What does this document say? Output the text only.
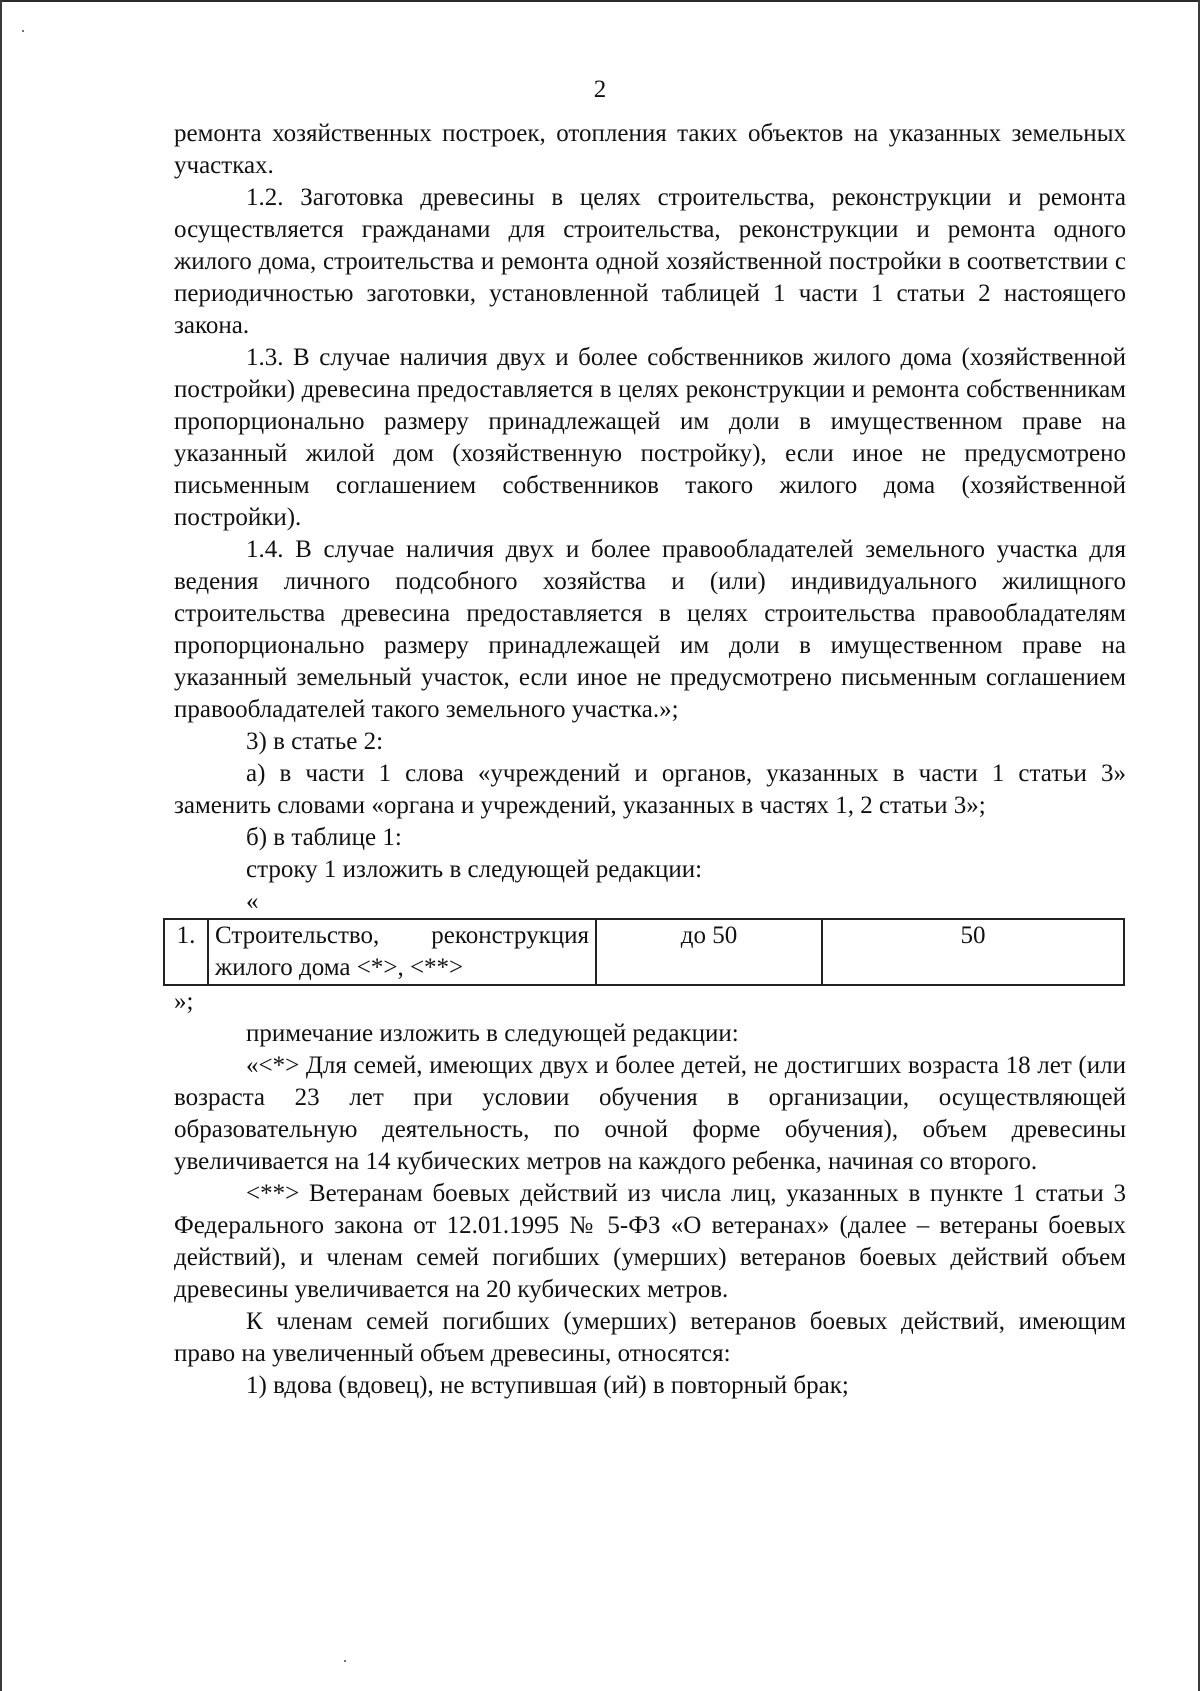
2

ремонта хозяйственных построек, отопления таких объектов на указанных земельных участках.

1.2. Заготовка древесины в целях строительства, реконструкции и ремонта осуществляется гражданами для строительства, реконструкции и ремонта одного жилого дома, строительства и ремонта одной хозяйственной постройки в соответствии с периодичностью заготовки, установленной таблицей 1 части 1 статьи 2 настоящего закона.

1.3. В случае наличия двух и более собственников жилого дома (хозяйственной постройки) древесина предоставляется в целях реконструкции и ремонта собственникам пропорционально размеру принадлежащей им доли в имущественном праве на указанный жилой дом (хозяйственную постройку), если иное не предусмотрено письменным соглашением собственников такого жилого дома (хозяйственной постройки).

1.4. В случае наличия двух и более правообладателей земельного участка для ведения личного подсобного хозяйства и (или) индивидуального жилищного строительства древесина предоставляется в целях строительства правообладателям пропорционально размеру принадлежащей им доли в имущественном праве на указанный земельный участок, если иное не предусмотрено письменным соглашением правообладателей такого земельного участка.»;

3) в статье 2:

а) в части 1 слова «учреждений и органов, указанных в части 1 статьи 3» заменить словами «органа и учреждений, указанных в частях 1, 2 статьи 3»;

б) в таблице 1:

строку 1 изложить в следующей редакции:

«

1.	Строительство, реконструкция жилого дома <*>, <**>	до 50	50

»;

примечание изложить в следующей редакции:

«<*> Для семей, имеющих двух и более детей, не достигших возраста 18 лет (или возраста 23 лет при условии обучения в организации, осуществляющей образовательную деятельность, по очной форме обучения), объем древесины увеличивается на 14 кубических метров на каждого ребенка, начиная со второго.

<**> Ветеранам боевых действий из числа лиц, указанных в пункте 1 статьи 3 Федерального закона от 12.01.1995 № 5-ФЗ «О ветеранах» (далее – ветераны боевых действий), и членам семей погибших (умерших) ветеранов боевых действий объем древесины увеличивается на 20 кубических метров.

К членам семей погибших (умерших) ветеранов боевых действий, имеющим право на увеличенный объем древесины, относятся:

1) вдова (вдовец), не вступившая (ий) в повторный брак;
